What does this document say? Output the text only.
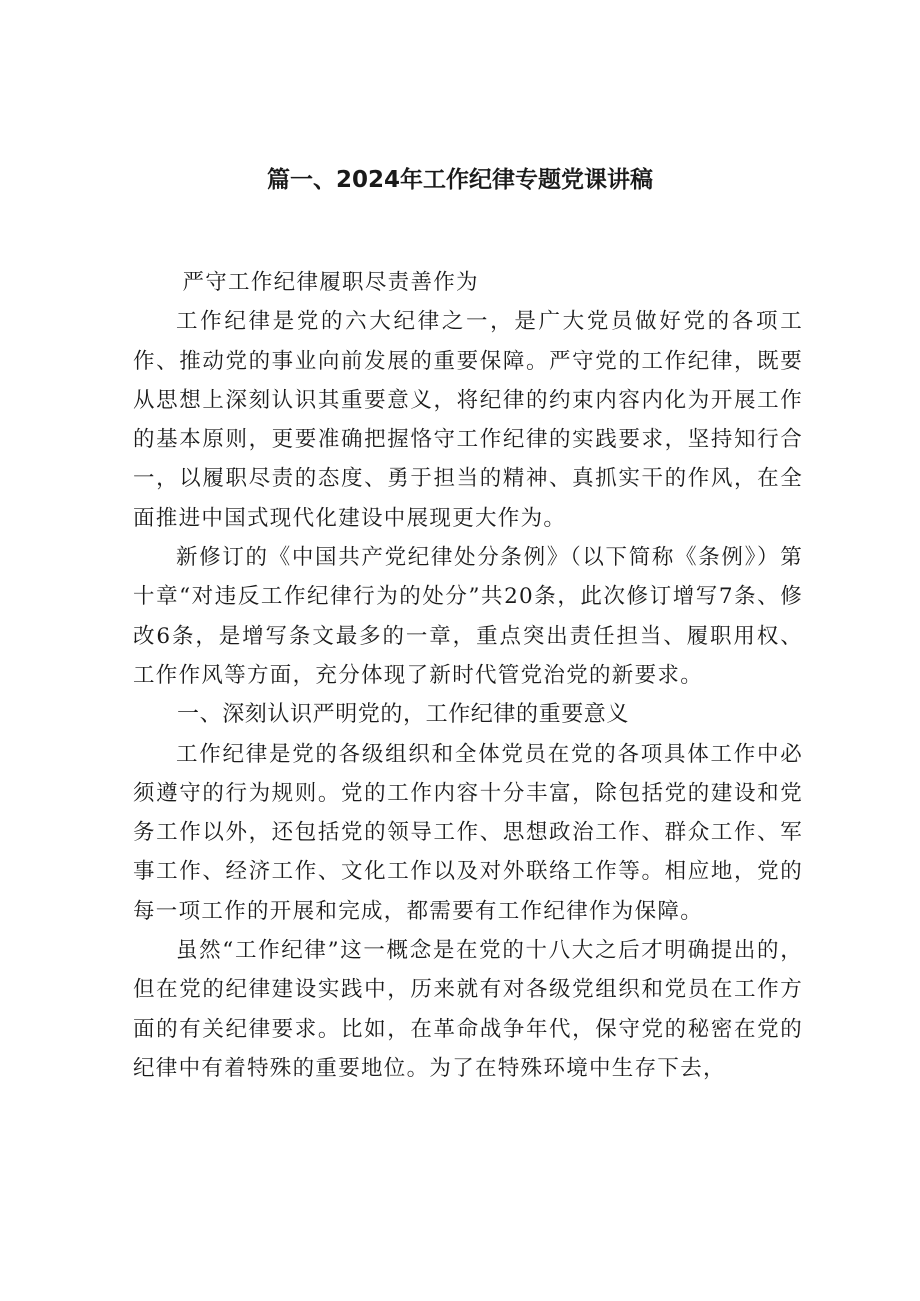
篇一、2024年工作纪律专题党课讲稿

严守工作纪律履职尽责善作为

工作纪律是党的六大纪律之一，是广大党员做好党的各项工作、推动党的事业向前发展的重要保障。严守党的工作纪律，既要从思想上深刻认识其重要意义，将纪律的约束内容内化为开展工作的基本原则，更要准确把握恪守工作纪律的实践要求，坚持知行合一，以履职尽责的态度、勇于担当的精神、真抓实干的作风，在全面推进中国式现代化建设中展现更大作为。

新修订的《中国共产党纪律处分条例》（以下简称《条例》）第十章“对违反工作纪律行为的处分”共20条，此次修订增写7条、修改6条，是增写条文最多的一章，重点突出责任担当、履职用权、工作作风等方面，充分体现了新时代管党治党的新要求。

一、深刻认识严明党的，工作纪律的重要意义

工作纪律是党的各级组织和全体党员在党的各项具体工作中必须遵守的行为规则。党的工作内容十分丰富，除包括党的建设和党务工作以外，还包括党的领导工作、思想政治工作、群众工作、军事工作、经济工作、文化工作以及对外联络工作等。相应地，党的每一项工作的开展和完成，都需要有工作纪律作为保障。

虽然“工作纪律”这一概念是在党的十八大之后才明确提出的，但在党的纪律建设实践中，历来就有对各级党组织和党员在工作方面的有关纪律要求。比如，在革命战争年代，保守党的秘密在党的纪律中有着特殊的重要地位。为了在特殊环境中生存下去，
